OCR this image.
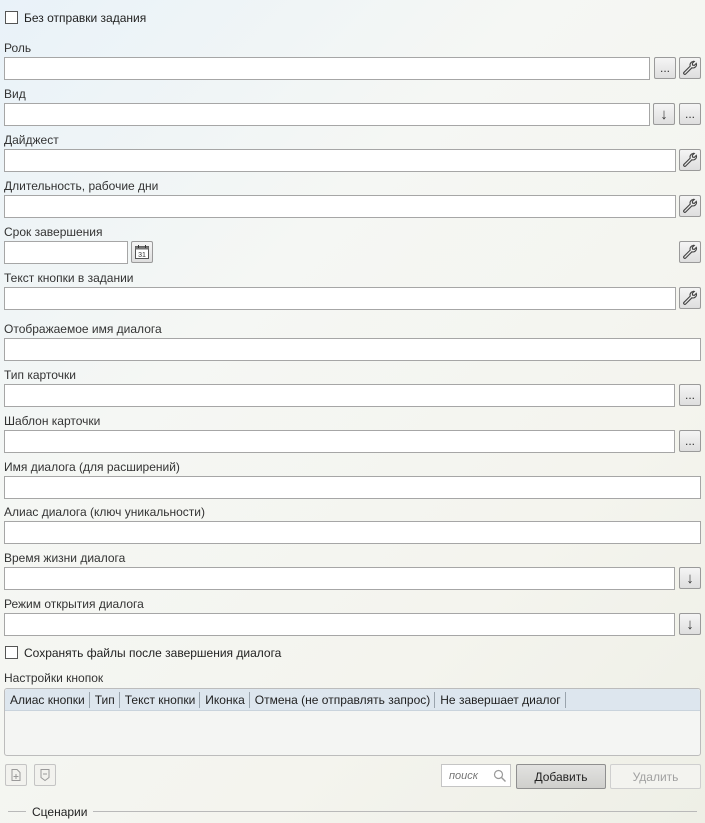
Без отправки задания
Роль
...
Вид
↓ ...
Дайджест
Длительность, рабочие дни
Срок завершения
31
Текст кнопки в задании
Отображаемое имя диалога
Тип карточки
...
Шаблон карточки
...
Имя диалога (для расширений)
Алиас диалога (ключ уникальности)
Время жизни диалога
↓
Режим открытия диалога
↓
Сохранять файлы после завершения диалога
Настройки кнопок
Алиас кнопки Тип Текст кнопки Иконка Отмена (не отправлять запрос) Не завершает диалог
поиск
Добавить	Удалить
Сценарии
